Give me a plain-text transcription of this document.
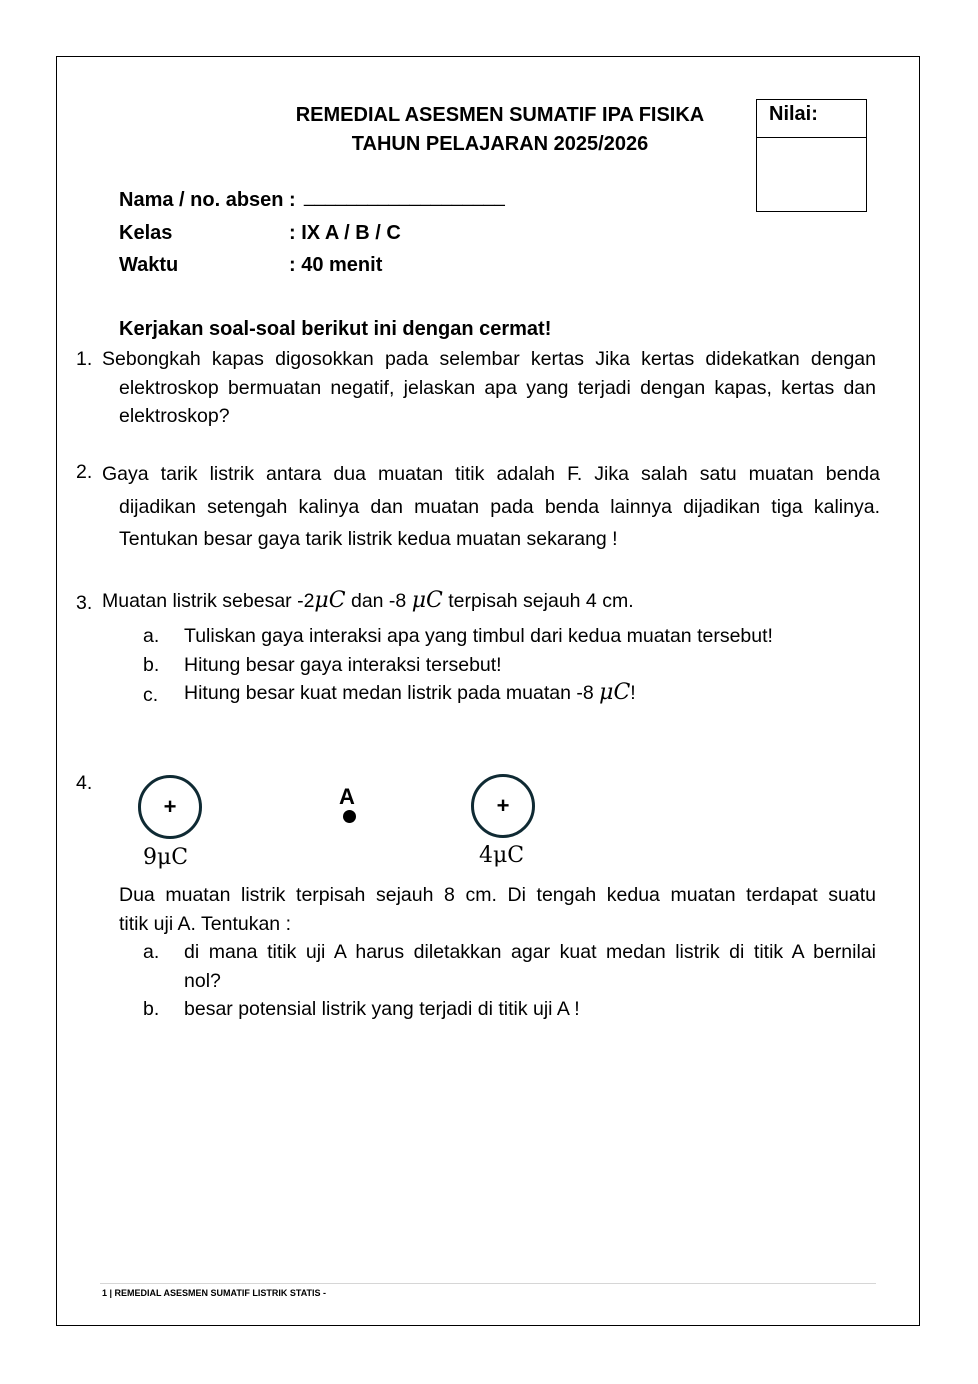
REMEDIAL ASESMEN SUMATIF IPA FISIKA
TAHUN PELAJARAN 2025/2026
Nilai:
Nama / no. absen : ___________________
Kelas	: IX A / B / C
Waktu	: 40 menit
Kerjakan soal-soal berikut ini dengan cermat!
1. Sebongkah kapas digosokkan pada selembar kertas Jika kertas didekatkan dengan
elektroskop bermuatan negatif, jelaskan apa yang terjadi dengan kapas, kertas dan
elektroskop?
2. Gaya tarik listrik antara dua muatan titik adalah F. Jika salah satu muatan benda
dijadikan setengah kalinya dan muatan pada benda lainnya dijadikan tiga kalinya.
Tentukan besar gaya tarik listrik kedua muatan sekarang !
3. Muatan listrik sebesar -2μC dan -8 μC terpisah sejauh 4 cm.
a. Tuliskan gaya interaksi apa yang timbul dari kedua muatan tersebut!
b. Hitung besar gaya interaksi tersebut!
c. Hitung besar kuat medan listrik pada muatan -8 μC!
4.
+
9μC
A	+
4μC
Dua muatan listrik terpisah sejauh 8 cm. Di tengah kedua muatan terdapat suatu
titik uji A. Tentukan :
a. di mana titik uji A harus diletakkan agar kuat medan listrik di titik A bernilai
nol?
b. besar potensial listrik yang terjadi di titik uji A !
1 | REMEDIAL ASESMEN SUMATIF LISTRIK STATIS -
